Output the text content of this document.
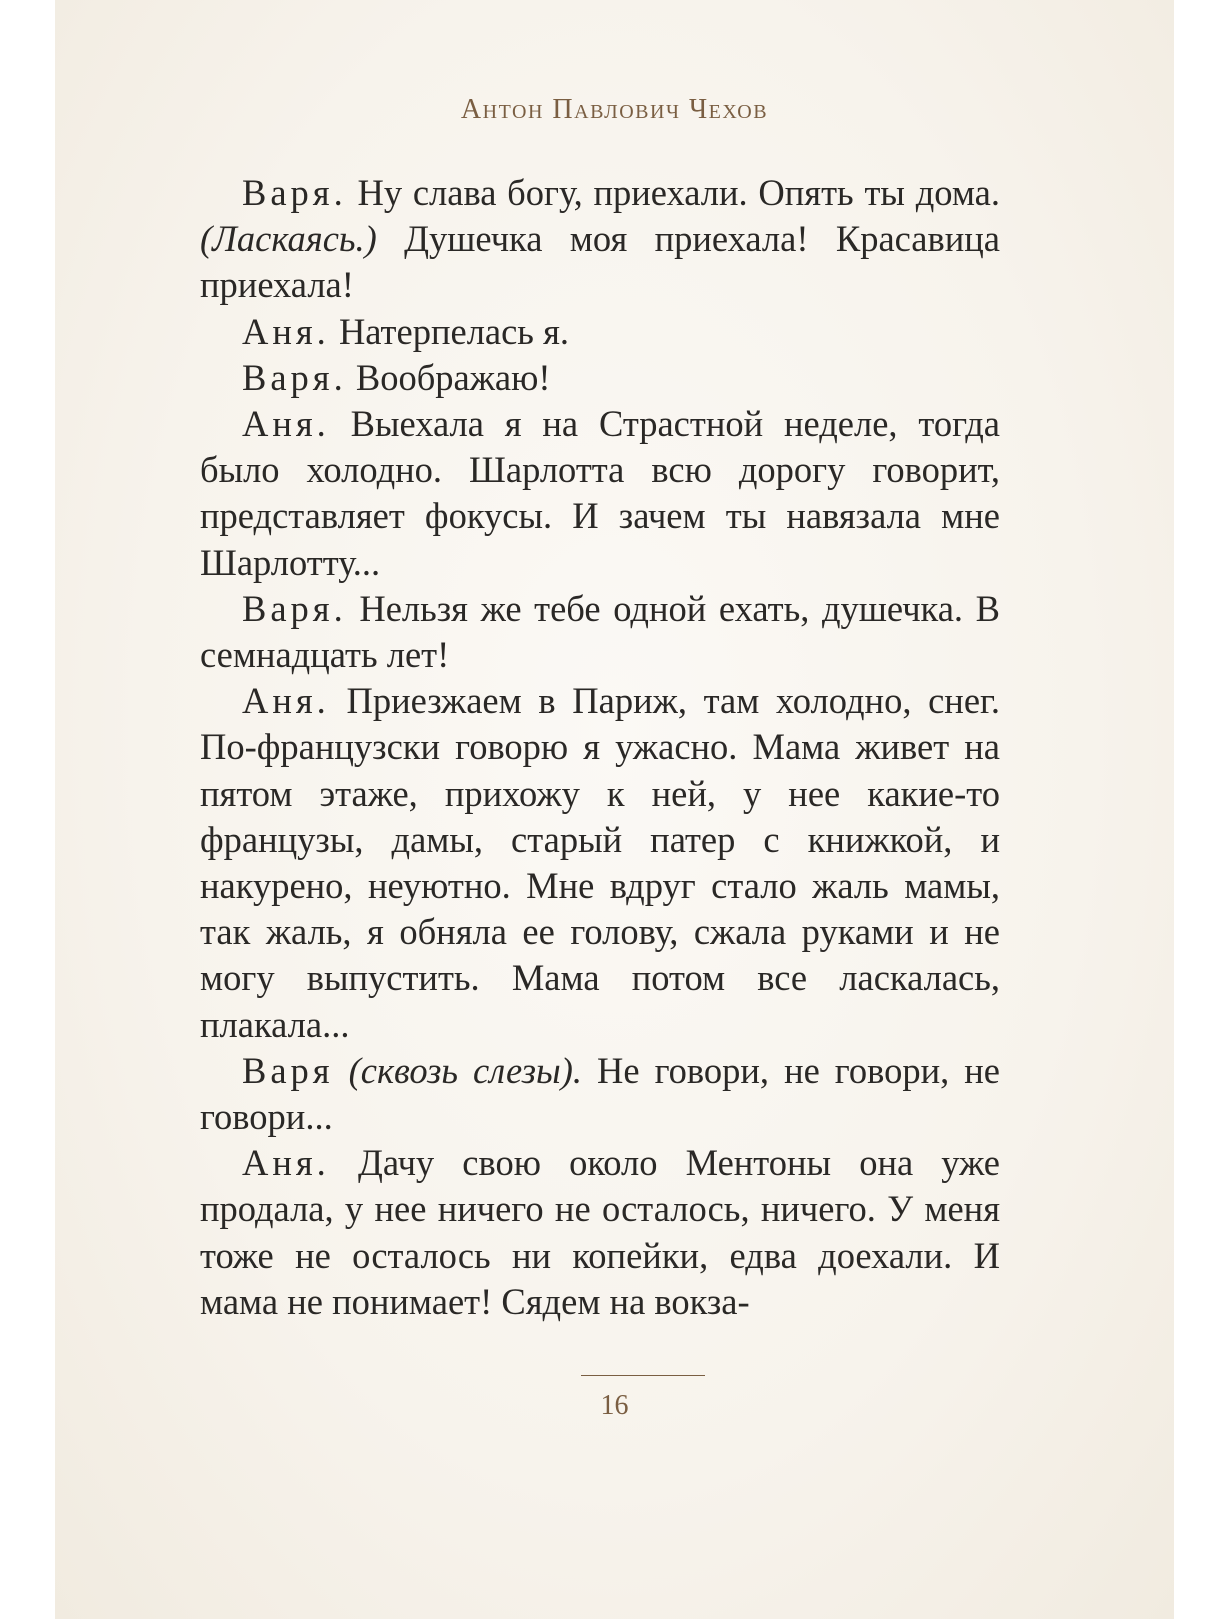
Антон Павлович Чехов

Варя. Ну слава богу, приехали. Опять ты дома. (Ласкаясь.) Душечка моя приехала! Красавица приехала!

Аня. Натерпелась я.

Варя. Воображаю!

Аня. Выехала я на Страстной неделе, тогда было холодно. Шарлотта всю дорогу говорит, представляет фокусы. И зачем ты навязала мне Шарлотту...

Варя. Нельзя же тебе одной ехать, душечка. В семнадцать лет!

Аня. Приезжаем в Париж, там холодно, снег. По-французски говорю я ужасно. Мама живет на пятом этаже, прихожу к ней, у нее какие-то французы, дамы, старый патер с книжкой, и накурено, неуютно. Мне вдруг стало жаль мамы, так жаль, я обняла ее голову, сжала руками и не могу выпустить. Мама потом все ласкалась, плакала...

Варя (сквозь слезы). Не говори, не говори, не говори...

Аня. Дачу свою около Ментоны она уже продала, у нее ничего не осталось, ничего. У меня тоже не осталось ни копейки, едва доехали. И мама не понимает! Сядем на вокза-

16
